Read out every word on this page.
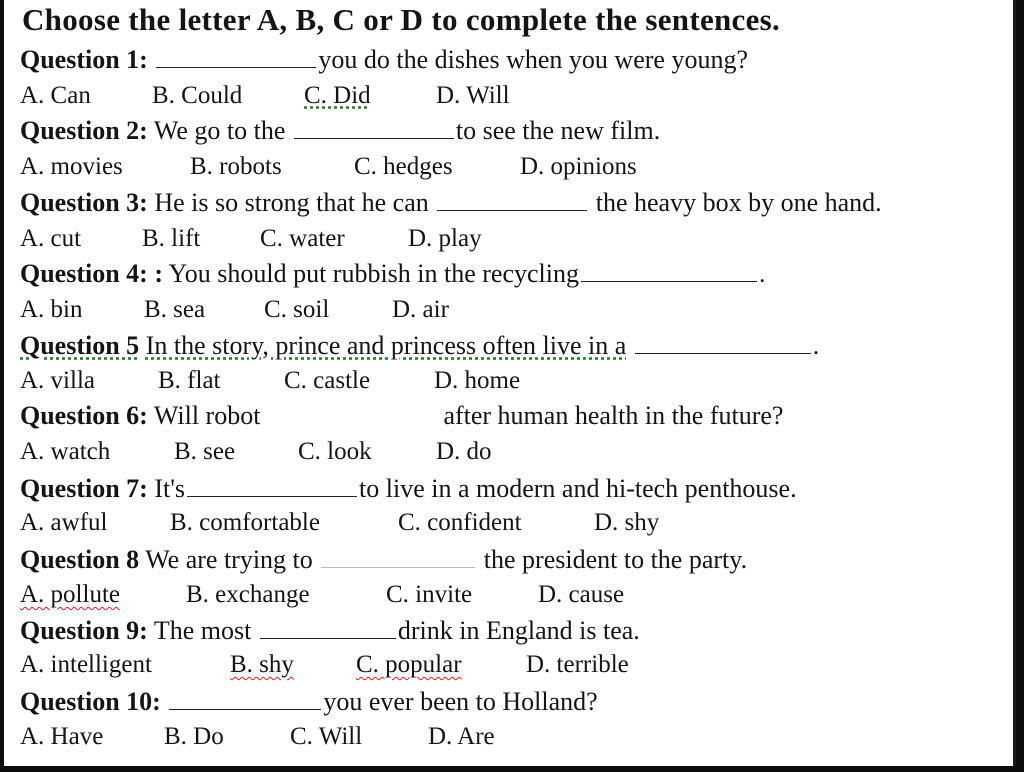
Choose the letter A, B, C or D to complete the sentences.
Question 1:	you do the dishes when you were young?
A. Can B. Could C. Did	D. Will
Question 2: We go to the	to see the new film.
A. movies	B. robots	C. hedges	D. opinions
Question 3: He is so strong that he can	the heavy box by one hand.
A. cut B. lift C. water	D. play
Question 4: : You should put rubbish in the recycling	.
A. bin B. sea C. soil	D. air
Question 5 In the story, prince and princess often live in a	.
A. villa	B. flat	C. castle	D. home
Question 6: Will robot	after human health in the future?
A. watch	B. see	C. look	D. do
Question 7: It's	to live in a modern and hi-tech penthouse.
A. awful	B. comfortable	C. confident	D. shy
Question 8 We are trying to	the president to the party.
A. pollute	B. exchange	C. invite	D. cause
Question 9: The most	drink in England is tea.
A. intelligent	B. shy C. popular	D. terrible
Question 10:	you ever been to Holland?
A. Have B. Do	C. Will	D. Are
